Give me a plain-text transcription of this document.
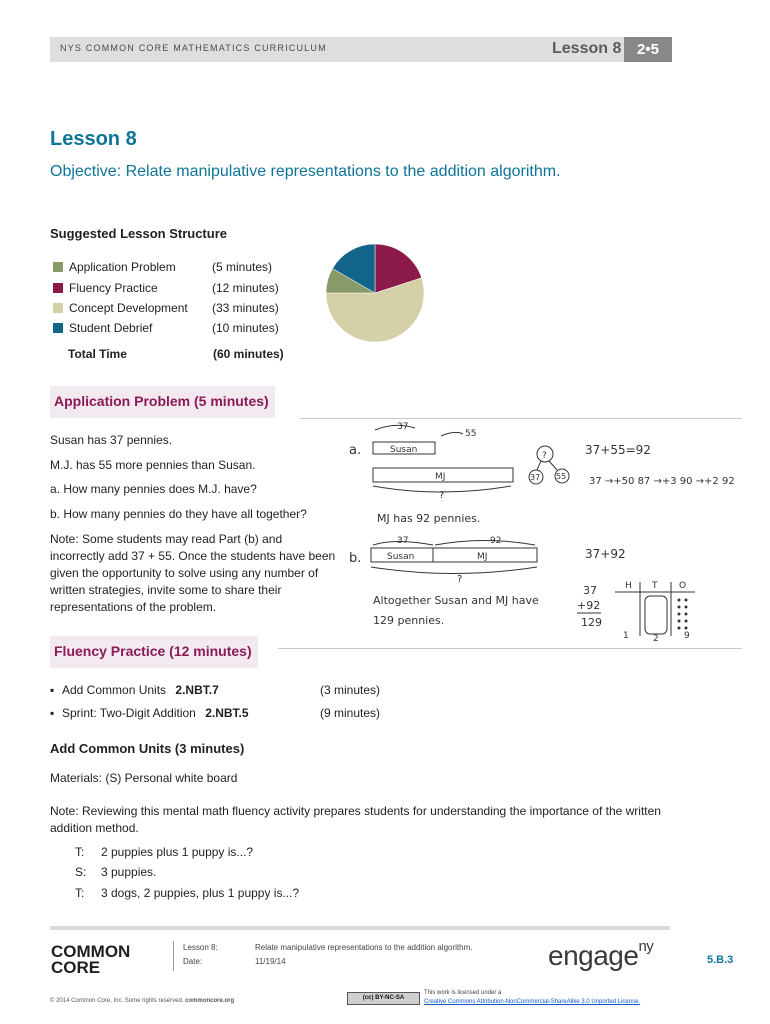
NYS COMMON CORE MATHEMATICS CURRICULUM	Lesson 8	2•5
Lesson 8
Objective: Relate manipulative representations to the addition algorithm.
Suggested Lesson Structure
Application Problem	(5 minutes)
Fluency Practice	(12 minutes)
Concept Development	(33 minutes)
Student Debrief	(10 minutes)
Total Time	(60 minutes)
Application Problem (5 minutes)
Susan has 37 pennies.
M.J. has 55 more pennies than Susan.
a. How many pennies does M.J. have?
b. How many pennies do they have all together?
Note: Some students may read Part (b) and incorrectly add 37 + 55. Once the students have been given the opportunity to solve using any number of written strategies, invite some to share their representations of the problem.
a.
37
55
Susan
MJ
?
?
37 55
37+55=92
37 →+50 87 →+3 90 →+2 92
MJ has 92 pennies.
b.
37	92
Susan	MJ
?
37+92
Altogether Susan and MJ have
129 pennies.
37
+92
129
H T O
1	2	9
Fluency Practice (12 minutes)
▪ Add Common Units 2.NBT.7	(3 minutes)
▪ Sprint: Two-Digit Addition 2.NBT.5	(9 minutes)
Add Common Units (3 minutes)
Materials: (S) Personal white board
Note: Reviewing this mental math fluency activity prepares students for understanding the importance of the written addition method.
T:	2 puppies plus 1 puppy is...?
S:	3 puppies.
T:	3 dogs, 2 puppies, plus 1 puppy is...?
COMMON
CORE
Lesson 8:	Relate manipulative representations to the addition algorithm.
Date:	11/19/14	engage$^{ny}$
5.B.3
© 2014 Common Core, Inc. Some rights reserved. commoncore.org	(cc) BY-NC-SA
This work is licensed under a
Creative Commons Attribution-NonCommercial-ShareAlike 3.0 Unported License.
